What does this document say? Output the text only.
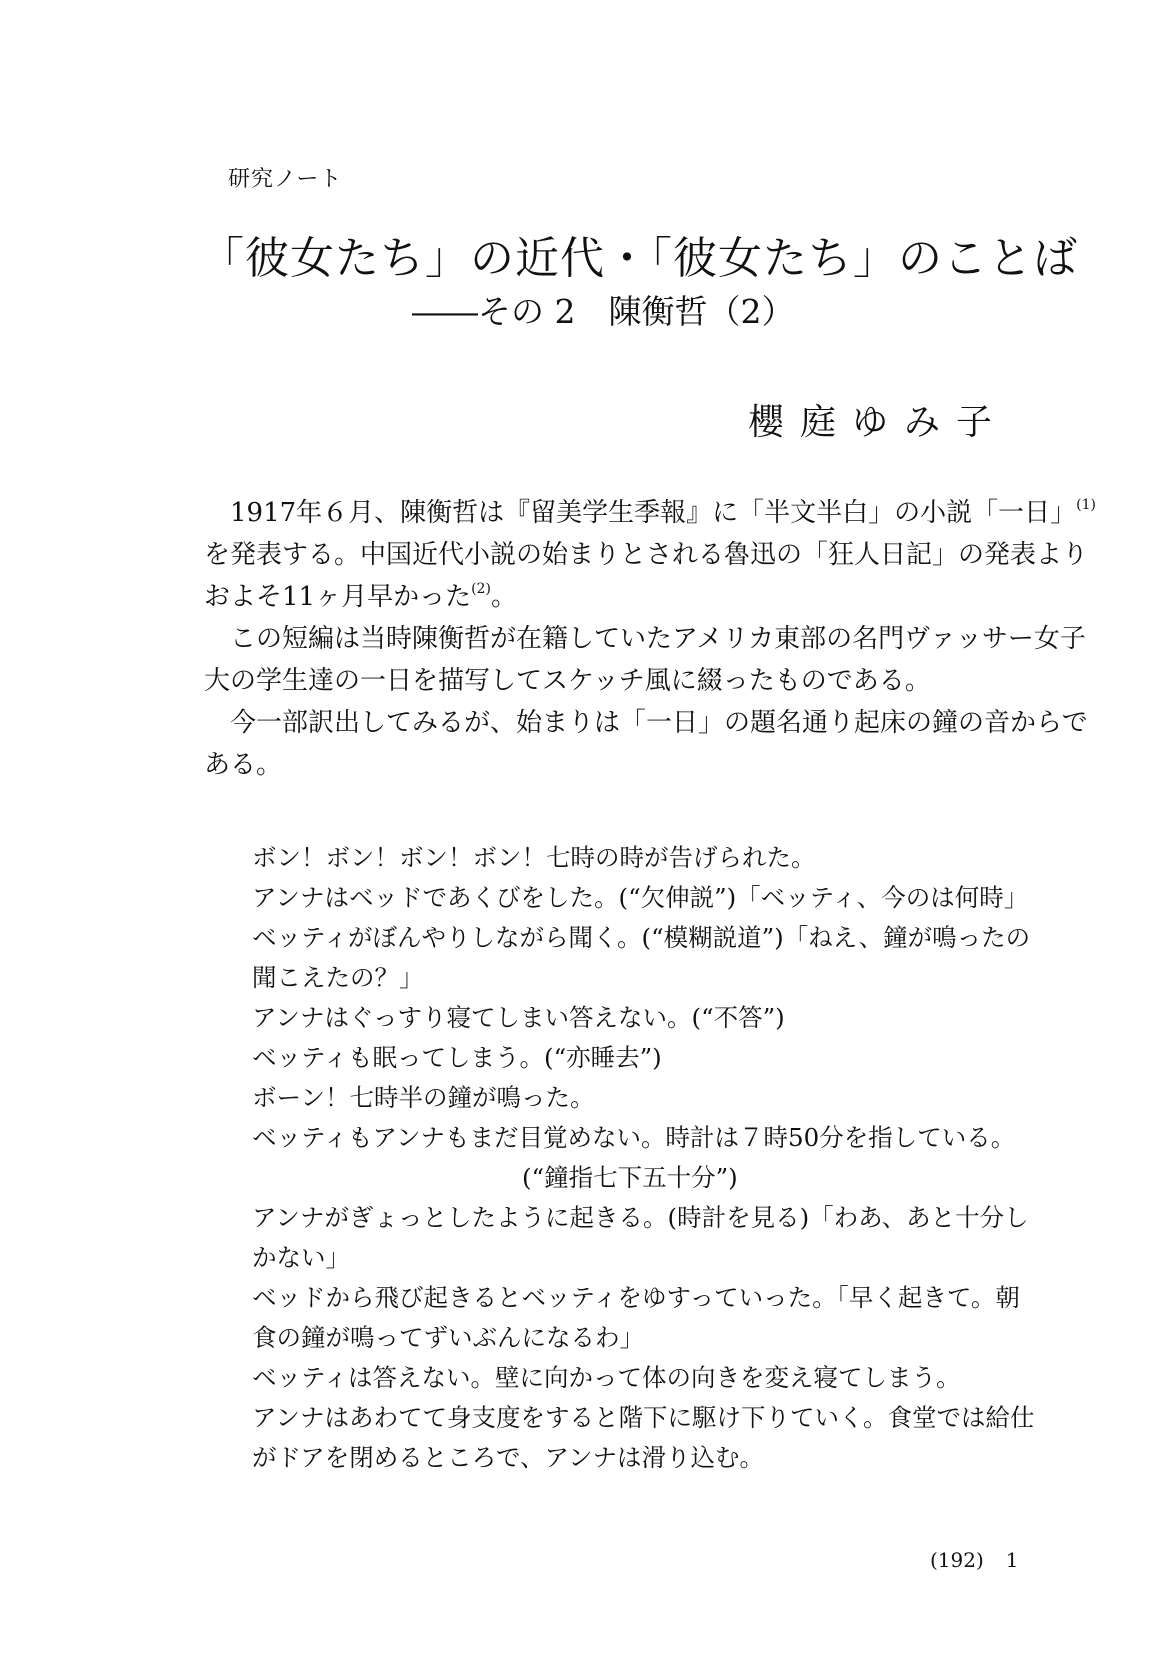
研究ノート
「彼女たち」の近代・「彼女たち」のことば
――その 2　陳衡哲（2）
櫻庭ゆみ子
1917年６月、陳衡哲は『留美学生季報』に「半文半白」の小説「一日」$^{(1)}$
を発表する。中国近代小説の始まりとされる魯迅の「狂人日記」の発表より
およそ11ヶ月早かった$^{(2)}$。
この短編は当時陳衡哲が在籍していたアメリカ東部の名門ヴァッサー女子
大の学生達の一日を描写してスケッチ風に綴ったものである。
今一部訳出してみるが、始まりは「一日」の題名通り起床の鐘の音からで
ある。
ボン！ボン！ボン！ボン！七時の時が告げられた。
アンナはベッドであくびをした。(“欠伸説”)「ベッティ、今のは何時」
ベッティがぼんやりしながら聞く。(“模糊説道”)「ねえ、鐘が鳴ったの
聞こえたの？」
アンナはぐっすり寝てしまい答えない。(“不答”)
ベッティも眠ってしまう。(“亦睡去”)
ボーン！七時半の鐘が鳴った。
ベッティもアンナもまだ目覚めない。時計は７時50分を指している。
(“鐘指七下五十分”)
アンナがぎょっとしたように起きる。(時計を見る)「わあ、あと十分し
かない」
ベッドから飛び起きるとベッティをゆすっていった。「早く起きて。朝
食の鐘が鳴ってずいぶんになるわ」
ベッティは答えない。壁に向かって体の向きを変え寝てしまう。
アンナはあわてて身支度をすると階下に駆け下りていく。食堂では給仕
がドアを閉めるところで、アンナは滑り込む。
(192) 1
